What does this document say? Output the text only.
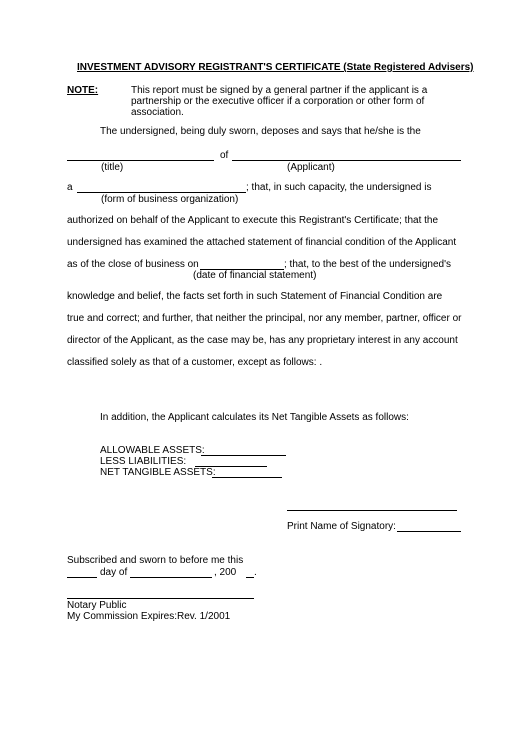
INVESTMENT ADVISORY REGISTRANT'S CERTIFICATE (State Registered Advisers)
NOTE:	This report must be signed by a general partner if the applicant is a
partnership or the executive officer if a corporation or other form of
association.
The undersigned, being duly sworn, deposes and says that he/she is the
of
(title)	(Applicant)
a	; that, in such capacity, the undersigned is
(form of business organization)
authorized on behalf of the Applicant to execute this Registrant's Certificate; that the
undersigned has examined the attached statement of financial condition of the Applicant
as of the close of business on	; that, to the best of the undersigned's
(date of financial statement)
knowledge and belief, the facts set forth in such Statement of Financial Condition are
true and correct; and further, that neither the principal, nor any member, partner, officer or
director of the Applicant, as the case may be, has any proprietary interest in any account
classified solely as that of a customer, except as follows: .
In addition, the Applicant calculates its Net Tangible Assets as follows:
ALLOWABLE ASSETS:
LESS LIABILITIES:
NET TANGIBLE ASSETS:
Print Name of Signatory:
Subscribed and sworn to before me this
day of	, 200 .
Notary Public
My Commission Expires:Rev. 1/2001
